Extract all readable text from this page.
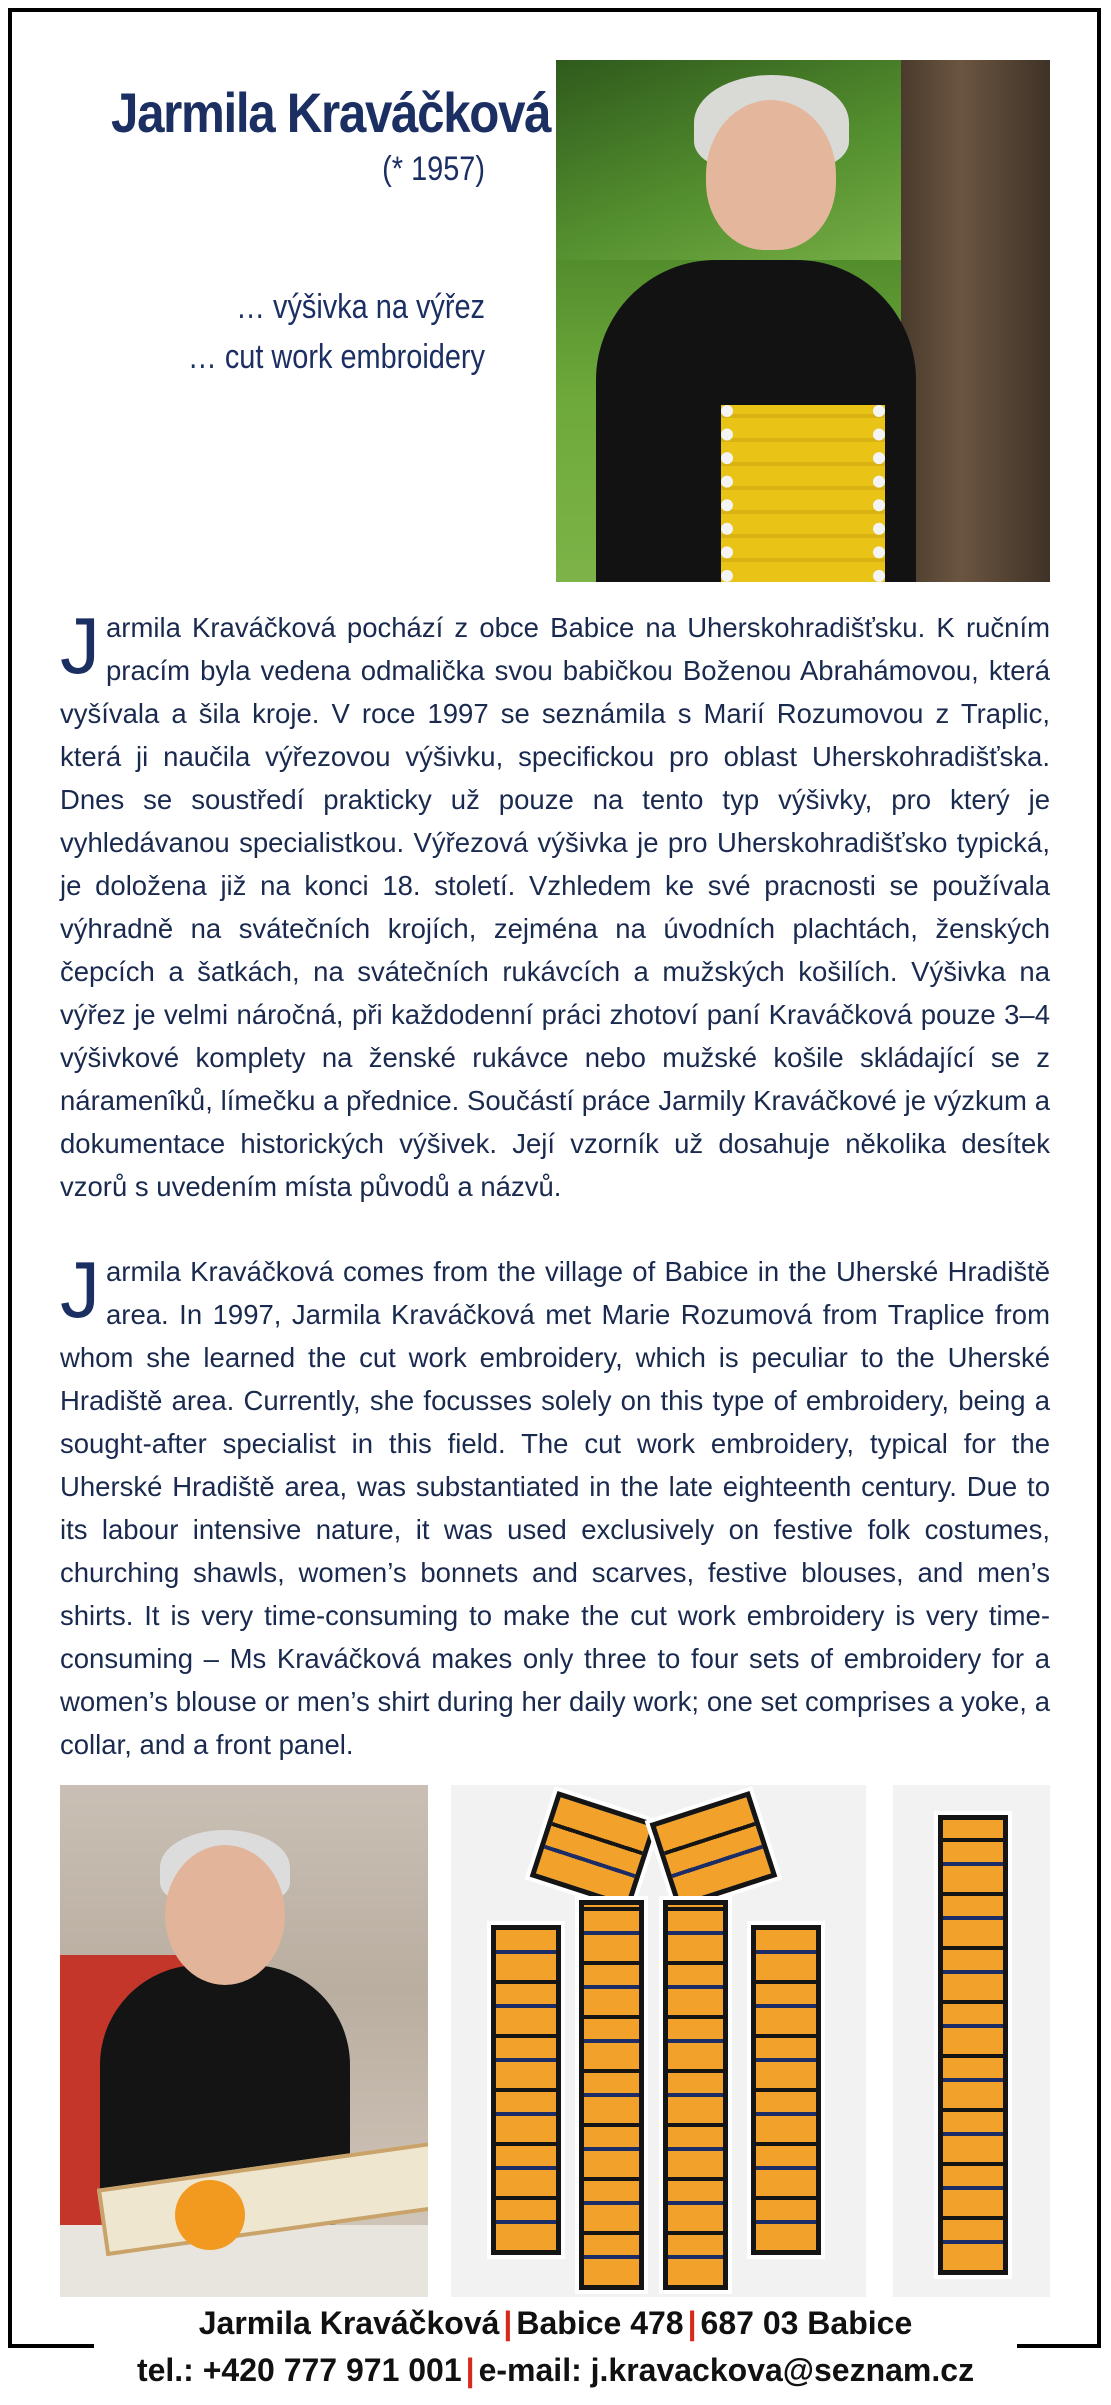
Jarmila Kraváčková
(* 1957)
… výšivka na výřez
… cut work embroidery

Jarmila Kraváčková pochází z obce Babice na Uherskohradišťsku. K ručním pracím byla vedena odmalička svou babičkou Boženou Abrahámovou, která vyšívala a šila kroje. V roce 1997 se seznámila s Marií Rozumovou z Traplic, která ji naučila výřezovou výšivku, specifickou pro oblast Uherskohradišťska. Dnes se soustředí prakticky už pouze na tento typ výšivky, pro který je vyhledávanou specialistkou. Výřezová výšivka je pro Uherskohradišťsko typická, je doložena již na konci 18. století. Vzhledem ke své pracnosti se používala výhradně na svátečních krojích, zejména na úvodních plachtách, ženských čepcích a šatkách, na svátečních rukávcích a mužských košilích. Výšivka na výřez je velmi náročná, při každodenní práci zhotoví paní Kraváčková pouze 3–4 výšivkové komplety na ženské rukávce nebo mužské košile skládající se z náramenîků, límečku a přednice. Součástí práce Jarmily Kraváčkové je výzkum a dokumentace historických výšivek. Její vzorník už dosahuje několika desítek vzorů s uvedením místa původů a názvů.

Jarmila Kraváčková comes from the village of Babice in the Uherské Hradiště area. In 1997, Jarmila Kraváčková met Marie Rozumová from Traplice from whom she learned the cut work embroidery, which is peculiar to the Uherské Hradiště area. Currently, she focusses solely on this type of embroidery, being a sought-after specialist in this field. The cut work embroidery, typical for the Uherské Hradiště area, was substantiated in the late eighteenth century. Due to its labour intensive nature, it was used exclusively on festive folk costumes, churching shawls, women’s bonnets and scarves, festive blouses, and men’s shirts. It is very time-consuming to make the cut work embroidery is very time-consuming – Ms Kraváčková makes only three to four sets of embroidery for a women’s blouse or men’s shirt during her daily work; one set comprises a yoke, a collar, and a front panel.

Jarmila Kraváčková | Babice 478 | 687 03 Babice
tel.: +420 777 971 001 | e-mail: j.kravackova@seznam.cz
